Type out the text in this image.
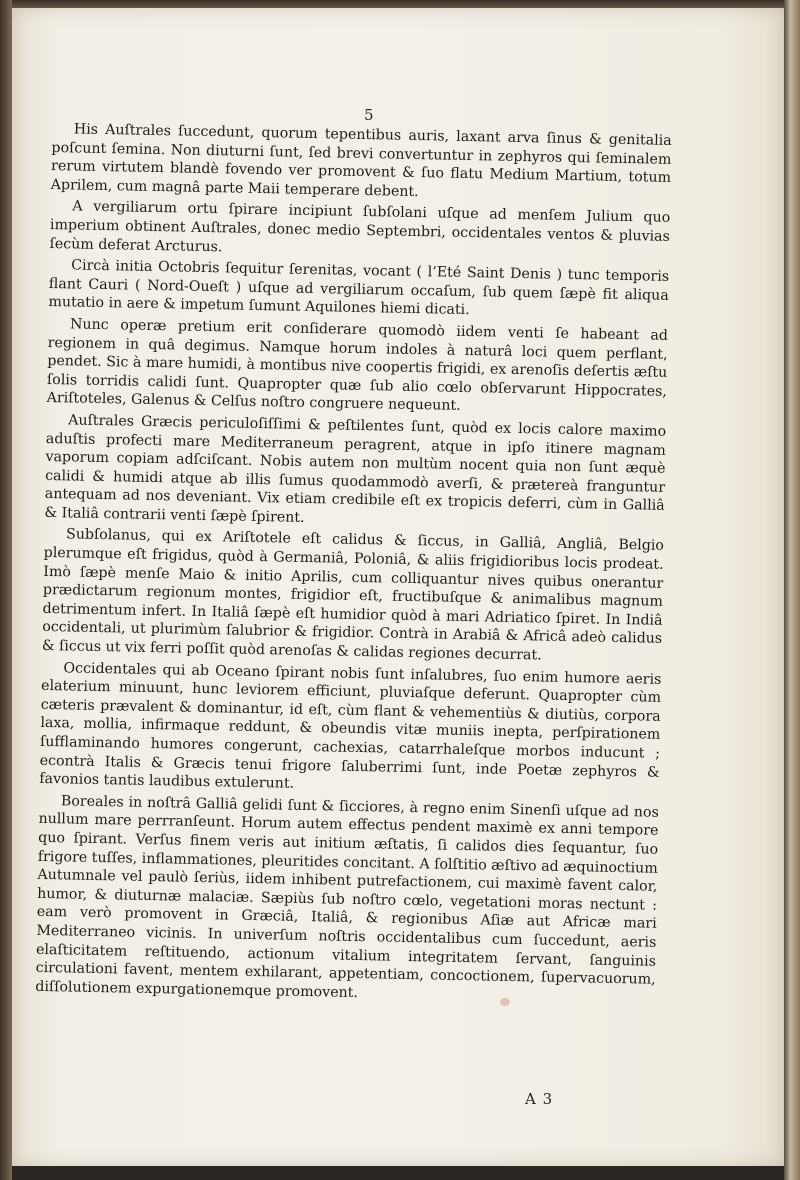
5

His Auſtrales ſuccedunt, quorum tepentibus auris, laxant arva ſinus & genitalia poſcunt ſemina. Non diuturni ſunt, ſed brevi convertuntur in zephyros qui ſeminalem rerum virtutem blandè fovendo ver promovent & ſuo flatu Medium Martium, totum Aprilem, cum magnâ parte Maii temperare debent.

A vergiliarum ortu ſpirare incipiunt ſubſolani uſque ad menſem Julium quo imperium obtinent Auſtrales, donec medio Septembri, occidentales ventos & pluvias ſecùm deferat Arcturus.

Circà initia Octobris ſequitur ſerenitas, vocant ( l’Eté Saint Denis ) tunc temporis flant Cauri ( Nord-Oueſt ) uſque ad vergiliarum occaſum, ſub quem ſæpè fit aliqua mutatio in aere & impetum ſumunt Aquilones hiemi dicati.

Nunc operæ pretium erit conſiderare quomodò iidem venti ſe habeant ad regionem in quâ degimus. Namque horum indoles à naturâ loci quem perflant, pendet. Sic à mare humidi, à montibus nive coopertis frigidi, ex arenoſis deſertis æſtu ſolis torridis calidi ſunt. Quapropter quæ ſub alio cœlo obſervarunt Hippocrates, Ariſtoteles, Galenus & Celſus noſtro congruere nequeunt.

Auſtrales Græcis periculoſiſſimi & peſtilentes ſunt, quòd ex locis calore maximo aduſtis profecti mare Mediterraneum peragrent, atque in ipſo itinere magnam vaporum copiam adſciſcant. Nobis autem non multùm nocent quia non ſunt æquè calidi & humidi atque ab illis ſumus quodammodò averſi, & prætereà franguntur antequam ad nos deveniant. Vix etiam credibile eſt ex tropicis deferri, cùm in Galliâ & Italiâ contrarii venti ſæpè ſpirent.

Subſolanus, qui ex Ariſtotele eſt calidus & ſiccus, in Galliâ, Angliâ, Belgio plerumque eſt frigidus, quòd à Germaniâ, Poloniâ, & aliis frigidioribus locis prodeat. Imò ſæpè menſe Maio & initio Aprilis, cum colliquantur nives quibus onerantur prædictarum regionum montes, frigidior eſt, fructibuſque & animalibus magnum detrimentum infert. In Italiâ ſæpè eſt humidior quòd à mari Adriatico ſpiret. In Indiâ occidentali, ut plurimùm ſalubrior & frigidior. Contrà in Arabiâ & Africâ adeò calidus & ſiccus ut vix ferri poſſit quòd arenoſas & calidas regiones decurrat.

Occidentales qui ab Oceano ſpirant nobis ſunt inſalubres, ſuo enim humore aeris elaterium minuunt, hunc leviorem efficiunt, pluviaſque deferunt. Quapropter cùm cæteris prævalent & dominantur, id eſt, cùm flant & vehementiùs & diutiùs, corpora laxa, mollia, infirmaque reddunt, & obeundis vitæ muniis inepta, perſpirationem ſufflaminando humores congerunt, cachexias, catarrhaleſque morbos inducunt ; econtrà Italis & Græcis tenui frigore ſaluberrimi ſunt, inde Poetæ zephyros & favonios tantis laudibus extulerunt.

Boreales in noſtrâ Galliâ gelidi ſunt & ſicciores, à regno enim Sinenſi uſque ad nos nullum mare perrranſeunt. Horum autem effectus pendent maximè ex anni tempore quo ſpirant. Verſus finem veris aut initium æſtatis, ſi calidos dies ſequantur, ſuo frigore tuſſes, inflammationes, pleuritides concitant. A ſolſtitio æſtivo ad æquinoctium Autumnale vel paulò ſeriùs, iidem inhibent putrefactionem, cui maximè favent calor, humor, & diuturnæ malaciæ. Sæpiùs ſub noſtro cœlo, vegetationi moras nectunt : eam verò promovent in Græciâ, Italiâ, & regionibus Aſiæ aut Africæ mari Mediterraneo vicinis. In univerſum noſtris occidentalibus cum ſuccedunt, aeris elaſticitatem reſtituendo, actionum vitalium integritatem ſervant, ſanguinis circulationi favent, mentem exhilarant, appetentiam, concoctionem, ſupervacuorum, diſſolutionem expurgationemque promovent.

A 3
